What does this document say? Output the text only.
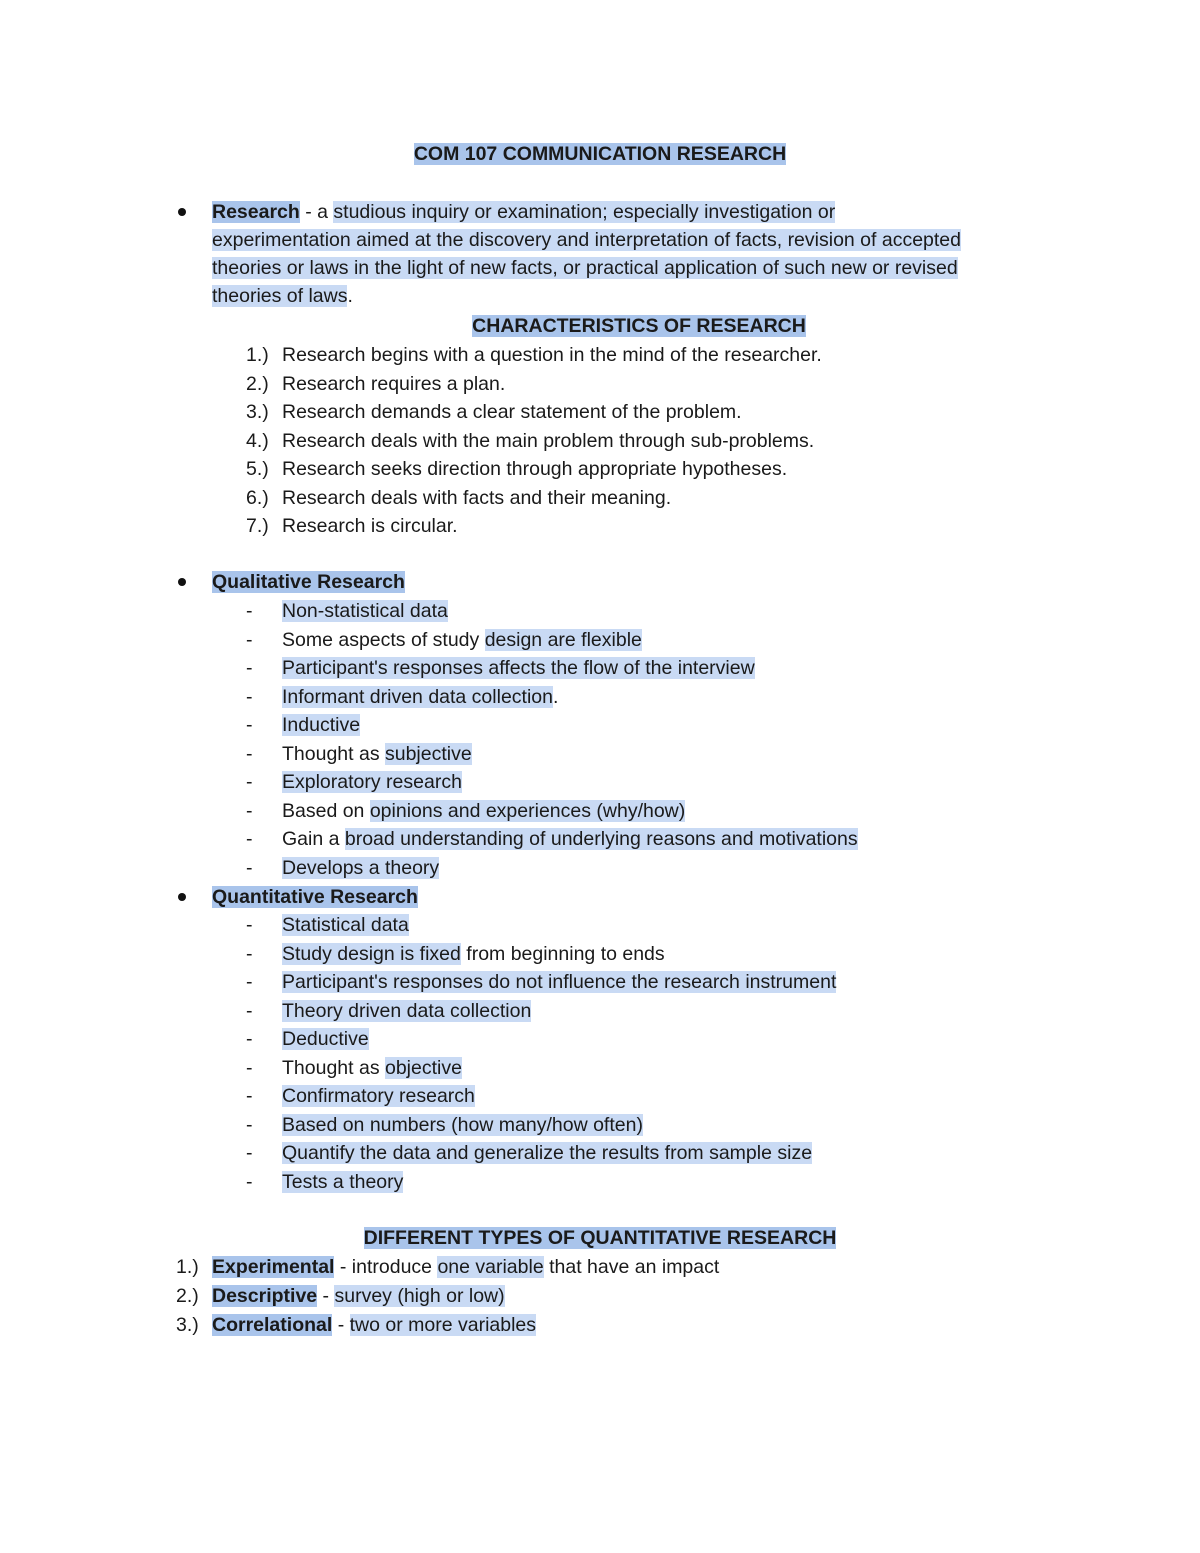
COM 107 COMMUNICATION RESEARCH
Research - a studious inquiry or examination; especially investigation or
experimentation aimed at the discovery and interpretation of facts, revision of accepted
theories or laws in the light of new facts, or practical application of such new or revised
theories of laws.
CHARACTERISTICS OF RESEARCH
1.) Research begins with a question in the mind of the researcher.
2.) Research requires a plan.
3.) Research demands a clear statement of the problem.
4.) Research deals with the main problem through sub-problems.
5.) Research seeks direction through appropriate hypotheses.
6.) Research deals with facts and their meaning.
7.) Research is circular.
Qualitative Research
- Non-statistical data
- Some aspects of study design are flexible
- Participant's responses affects the flow of the interview
- Informant driven data collection.
- Inductive
- Thought as subjective
- Exploratory research
- Based on opinions and experiences (why/how)
- Gain a broad understanding of underlying reasons and motivations
- Develops a theory
Quantitative Research
- Statistical data
- Study design is fixed from beginning to ends
- Participant's responses do not influence the research instrument
- Theory driven data collection
- Deductive
- Thought as objective
- Confirmatory research
- Based on numbers (how many/how often)
- Quantify the data and generalize the results from sample size
- Tests a theory
DIFFERENT TYPES OF QUANTITATIVE RESEARCH
1.) Experimental - introduce one variable that have an impact
2.) Descriptive - survey (high or low)
3.) Correlational - two or more variables
